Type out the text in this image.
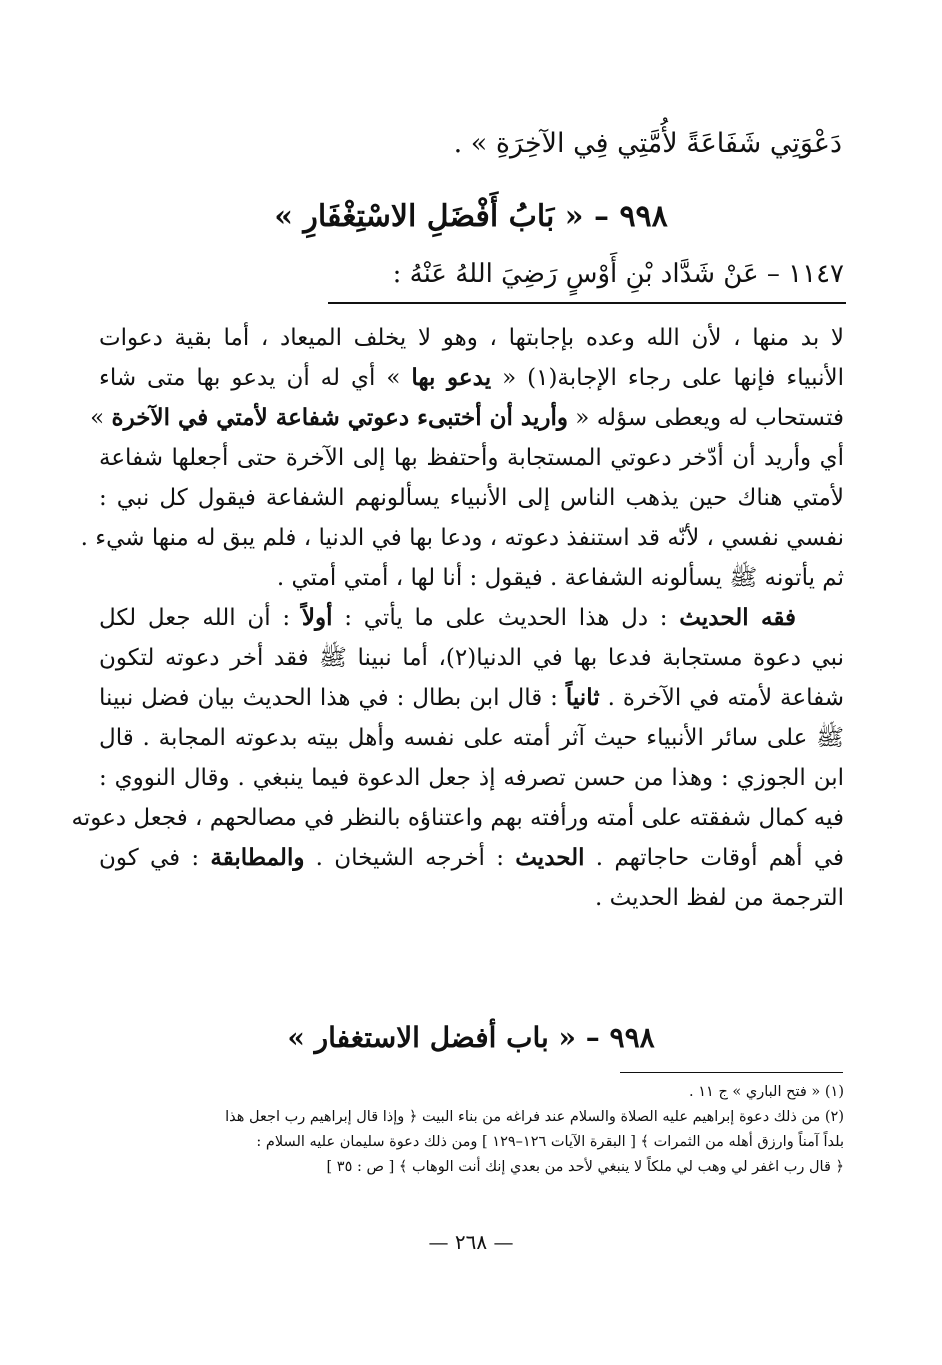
دَعْوَتِي شَفَاعَةً لأُمَّتِي فِي الآخِرَةِ » .
٩٩٨ – « بَابُ أَفْضَلِ الاسْتِغْفَارِ »
١١٤٧ – عَنْ شَدَّاد بْنِ أَوْسٍ رَضِيَ اللهُ عَنْهُ :
لا بد منها ، لأن الله وعده بإجابتها ، وهو لا يخلف الميعاد ، أما بقية دعوات
الأنبياء فإنها على رجاء الإجابة(١) « يدعو بها » أي له أن يدعو بها متى شاء
فتستحاب له ويعطى سؤله « وأريد أن أختبىء دعوتي شفاعة لأمتي في الآخرة »
أي وأريد أن أدّخر دعوتي المستجابة وأحتفظ بها إلى الآخرة حتى أجعلها شفاعة
لأمتي هناك حين يذهب الناس إلى الأنبياء يسألونهم الشفاعة فيقول كل نبي :
نفسي نفسي ، لأنّه قد استنفذ دعوته ، ودعا بها في الدنيا ، فلم يبق له منها شيء .
ثم يأتونه ﷺ يسألونه الشفاعة . فيقول : أنا لها ، أمتي أمتي .
فقه الحديث : دل هذا الحديث على ما يأتي : أولاً : أن الله جعل لكل
نبي دعوة مستجابة فدعا بها في الدنيا(٢)، أما نبينا ﷺ فقد أخر دعوته لتكون
شفاعة لأمته في الآخرة . ثانياً : قال ابن بطال : في هذا الحديث بيان فضل نبينا
ﷺ على سائر الأنبياء حيث آثر أمته على نفسه وأهل بيته بدعوته المجابة . قال
ابن الجوزي : وهذا من حسن تصرفه إذ جعل الدعوة فيما ينبغي . وقال النووي :
فيه كمال شفقته على أمته ورأفته بهم واعتناؤه بالنظر في مصالحهم ، فجعل دعوته
في أهم أوقات حاجاتهم . الحديث : أخرجه الشيخان . والمطابقة : في كون
الترجمة من لفظ الحديث .
٩٩٨ – « باب أفضل الاستغفار »
(١) « فتح الباري » ج ١١ .
(٢) من ذلك دعوة إبراهيم عليه الصلاة والسلام عند فراغه من بناء البيت ﴿ وإذا قال إبراهيم رب اجعل هذا
بلداً آمناً وارزق أهله من الثمرات ﴾ [ البقرة الآيات ١٢٦–١٢٩ ] ومن ذلك دعوة سليمان عليه السلام :
﴿ قال رب اغفر لي وهب لي ملكاً لا ينبغي لأحد من بعدي إنك أنت الوهاب ﴾ [ ص : ٣٥ ]
— ٢٦٨ —
